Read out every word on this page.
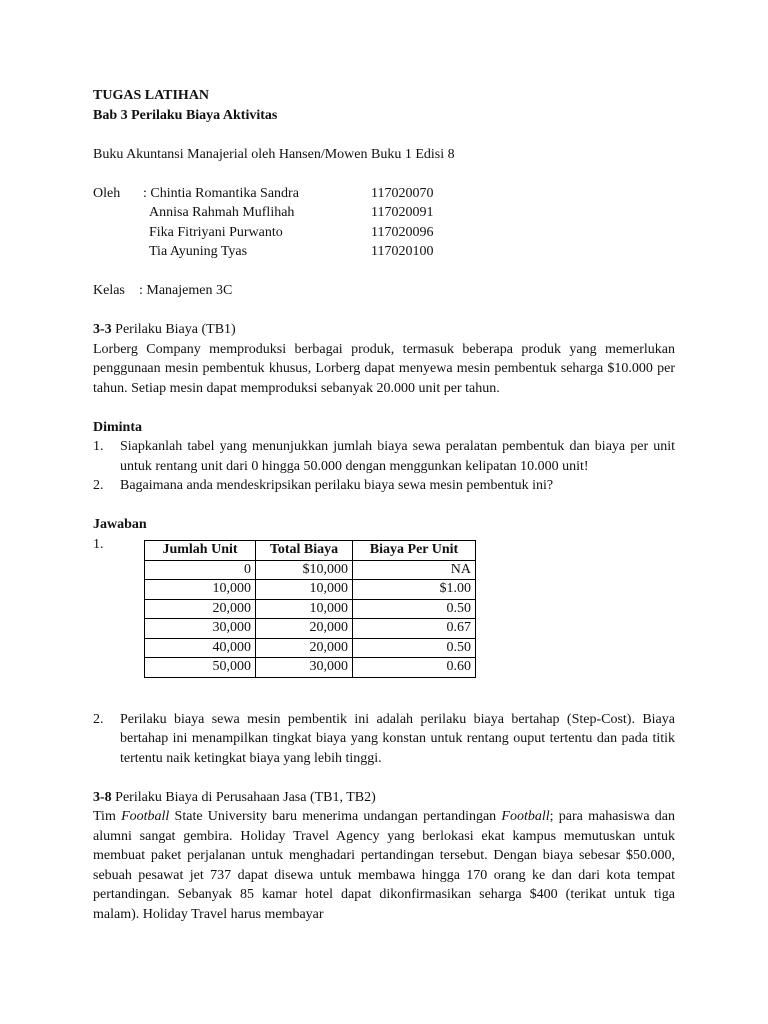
TUGAS LATIHAN

Bab 3 Perilaku Biaya Aktivitas

Buku Akuntansi Manajerial oleh Hansen/Mowen Buku 1 Edisi 8

Oleh	: Chintia Romantika Sandra	117020070
Annisa Rahmah Muflihah	117020091
Fika Fitriyani Purwanto	117020096
Tia Ayuning Tyas	117020100
Kelas	: Manajemen 3C

3-3 Perilaku Biaya (TB1)

Lorberg Company memproduksi berbagai produk, termasuk beberapa produk yang memerlukan penggunaan mesin pembentuk khusus, Lorberg dapat menyewa mesin pembentuk seharga $10.000 per tahun. Setiap mesin dapat memproduksi sebanyak 20.000 unit per tahun.

Diminta

1.	Siapkanlah tabel yang menunjukkan jumlah biaya sewa peralatan pembentuk dan biaya per unit untuk rentang unit dari 0 hingga 50.000 dengan menggunkan kelipatan 10.000 unit!
2.	Bagaimana anda mendeskripsikan perilaku biaya sewa mesin pembentuk ini?

Jawaban

1.	Jumlah Unit	Total Biaya	Biaya Per Unit
0	$10,000	NA
10,000	10,000	$1.00
20,000	10,000	0.50
30,000	20,000	0.67
40,000	20,000	0.50
50,000	30,000	0.60
2.	Perilaku biaya sewa mesin pembentik ini adalah perilaku biaya bertahap (Step-Cost). Biaya bertahap ini menampilkan tingkat biaya yang konstan untuk rentang ouput tertentu dan pada titik tertentu naik ketingkat biaya yang lebih tinggi.

3-8 Perilaku Biaya di Perusahaan Jasa (TB1, TB2)

Tim Football State University baru menerima undangan pertandingan Football; para mahasiswa dan alumni sangat gembira. Holiday Travel Agency yang berlokasi ekat kampus memutuskan untuk membuat paket perjalanan untuk menghadari pertandingan tersebut. Dengan biaya sebesar $50.000, sebuah pesawat jet 737 dapat disewa untuk membawa hingga 170 orang ke dan dari kota tempat pertandingan. Sebanyak 85 kamar hotel dapat dikonfirmasikan seharga $400 (terikat untuk tiga malam). Holiday Travel harus membayar
